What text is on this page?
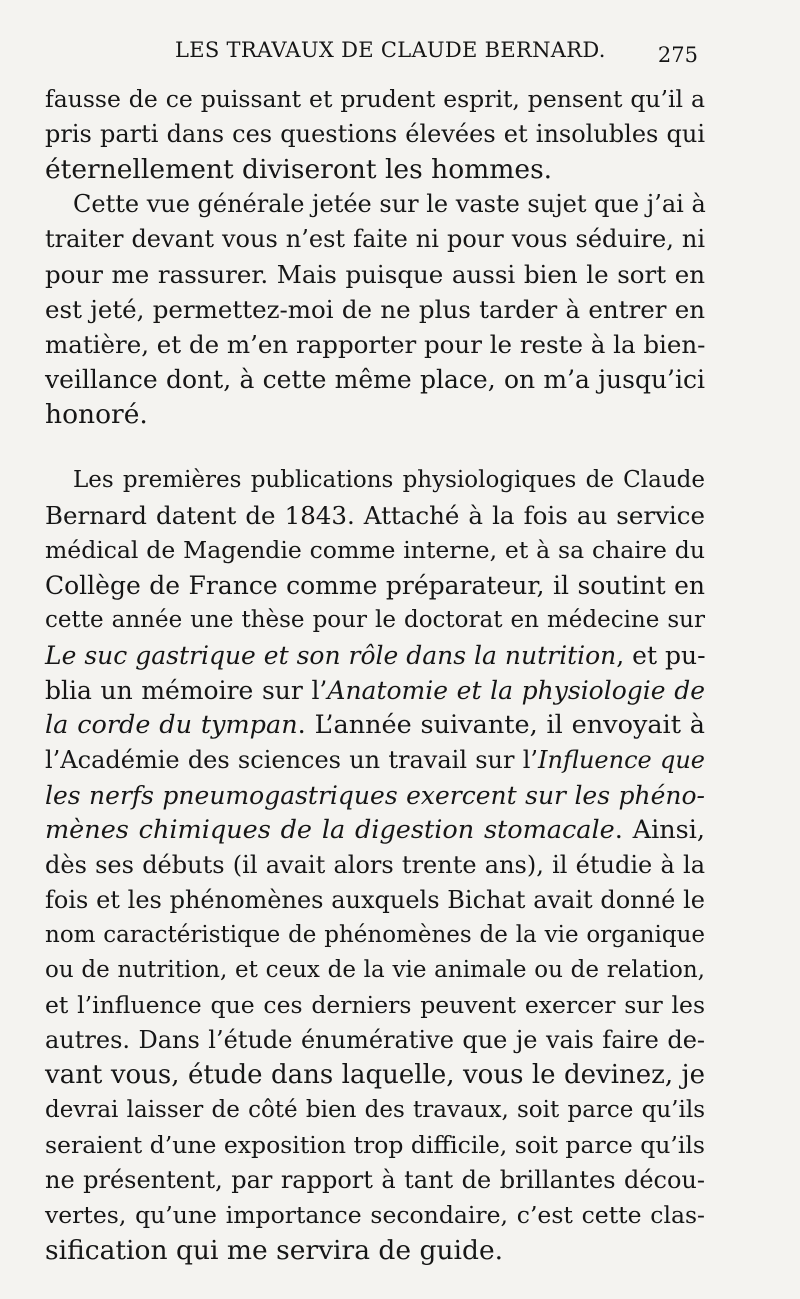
LES TRAVAUX DE CLAUDE BERNARD. 275
fausse de ce puissant et prudent esprit, pensent qu’il a
pris parti dans ces questions élevées et insolubles qui
éternellement diviseront les hommes.
Cette vue générale jetée sur le vaste sujet que j’ai à
traiter devant vous n’est faite ni pour vous séduire, ni
pour me rassurer. Mais puisque aussi bien le sort en
est jeté, permettez-moi de ne plus tarder à entrer en
matière, et de m’en rapporter pour le reste à la bien-
veillance dont, à cette même place, on m’a jusqu’ici
honoré.
Les premières publications physiologiques de Claude
Bernard datent de 1843. Attaché à la fois au service
médical de Magendie comme interne, et à sa chaire du
Collège de France comme préparateur, il soutint en
cette année une thèse pour le doctorat en médecine sur
Le suc gastrique et son rôle dans la nutrition, et pu-
blia un mémoire sur l’Anatomie et la physiologie de
la corde du tympan. L’année suivante, il envoyait à
l’Académie des sciences un travail sur l’Influence que
les nerfs pneumogastriques exercent sur les phéno-
mènes chimiques de la digestion stomacale. Ainsi,
dès ses débuts (il avait alors trente ans), il étudie à la
fois et les phénomènes auxquels Bichat avait donné le
nom caractéristique de phénomènes de la vie organique
ou de nutrition, et ceux de la vie animale ou de relation,
et l’influence que ces derniers peuvent exercer sur les
autres. Dans l’étude énumérative que je vais faire de-
vant vous, étude dans laquelle, vous le devinez, je
devrai laisser de côté bien des travaux, soit parce qu’ils
seraient d’une exposition trop difficile, soit parce qu’ils
ne présentent, par rapport à tant de brillantes décou-
vertes, qu’une importance secondaire, c’est cette clas-
sification qui me servira de guide.
